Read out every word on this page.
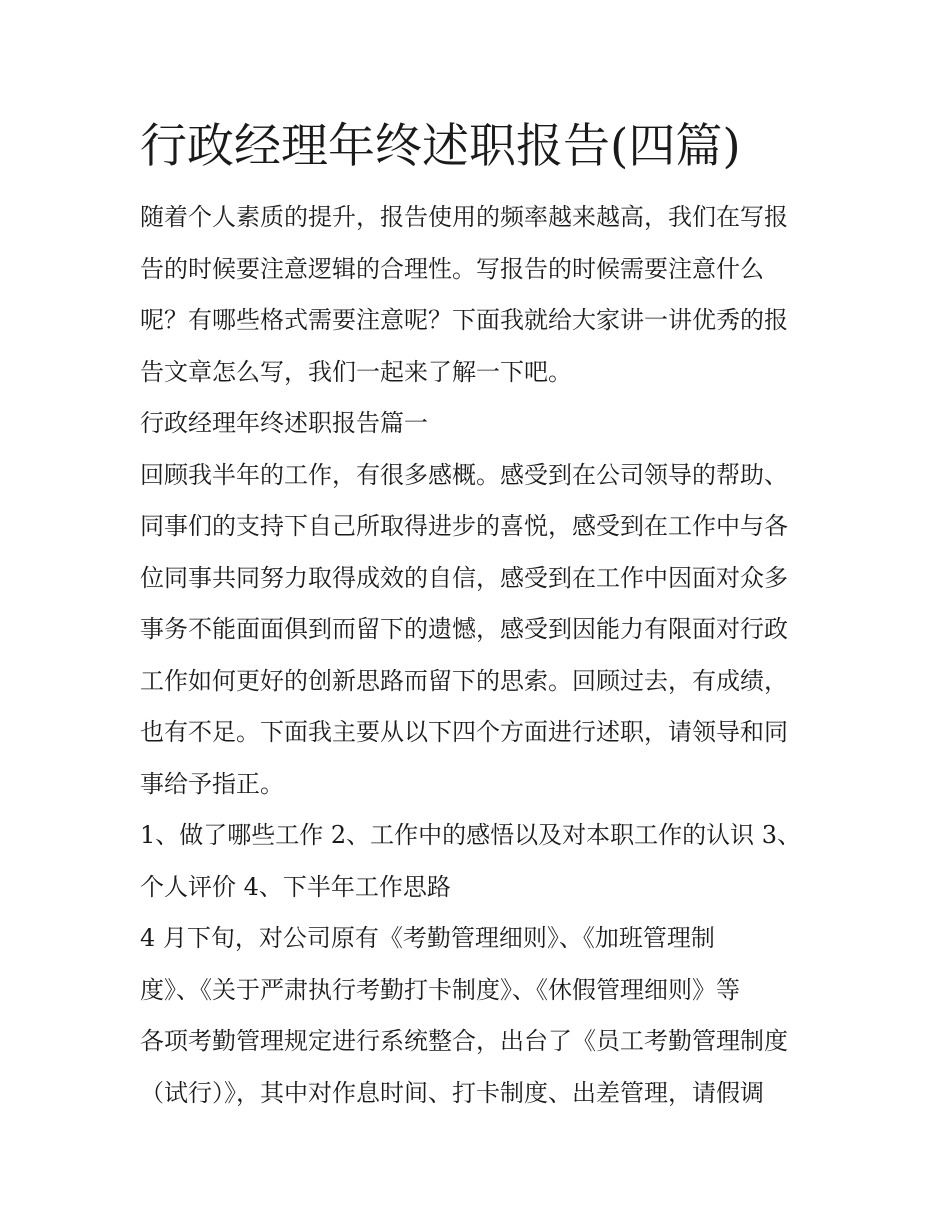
行政经理年终述职报告(四篇)
随着个人素质的提升，报告使用的频率越来越高，我们在写报
告的时候要注意逻辑的合理性。写报告的时候需要注意什么
呢？有哪些格式需要注意呢？下面我就给大家讲一讲优秀的报
告文章怎么写，我们一起来了解一下吧。
行政经理年终述职报告篇一
回顾我半年的工作，有很多感概。感受到在公司领导的帮助、
同事们的支持下自己所取得进步的喜悦，感受到在工作中与各
位同事共同努力取得成效的自信，感受到在工作中因面对众多
事务不能面面俱到而留下的遗憾，感受到因能力有限面对行政
工作如何更好的创新思路而留下的思索。回顾过去，有成绩，
也有不足。下面我主要从以下四个方面进行述职，请领导和同
事给予指正。
1、做了哪些工作 2、工作中的感悟以及对本职工作的认识 3、
个人评价 4、下半年工作思路
4 月下旬，对公司原有《考勤管理细则》、《加班管理制
度》、《关于严肃执行考勤打卡制度》、《休假管理细则》等
各项考勤管理规定进行系统整合，出台了《员工考勤管理制度
（试行）》，其中对作息时间、打卡制度、出差管理，请假调
